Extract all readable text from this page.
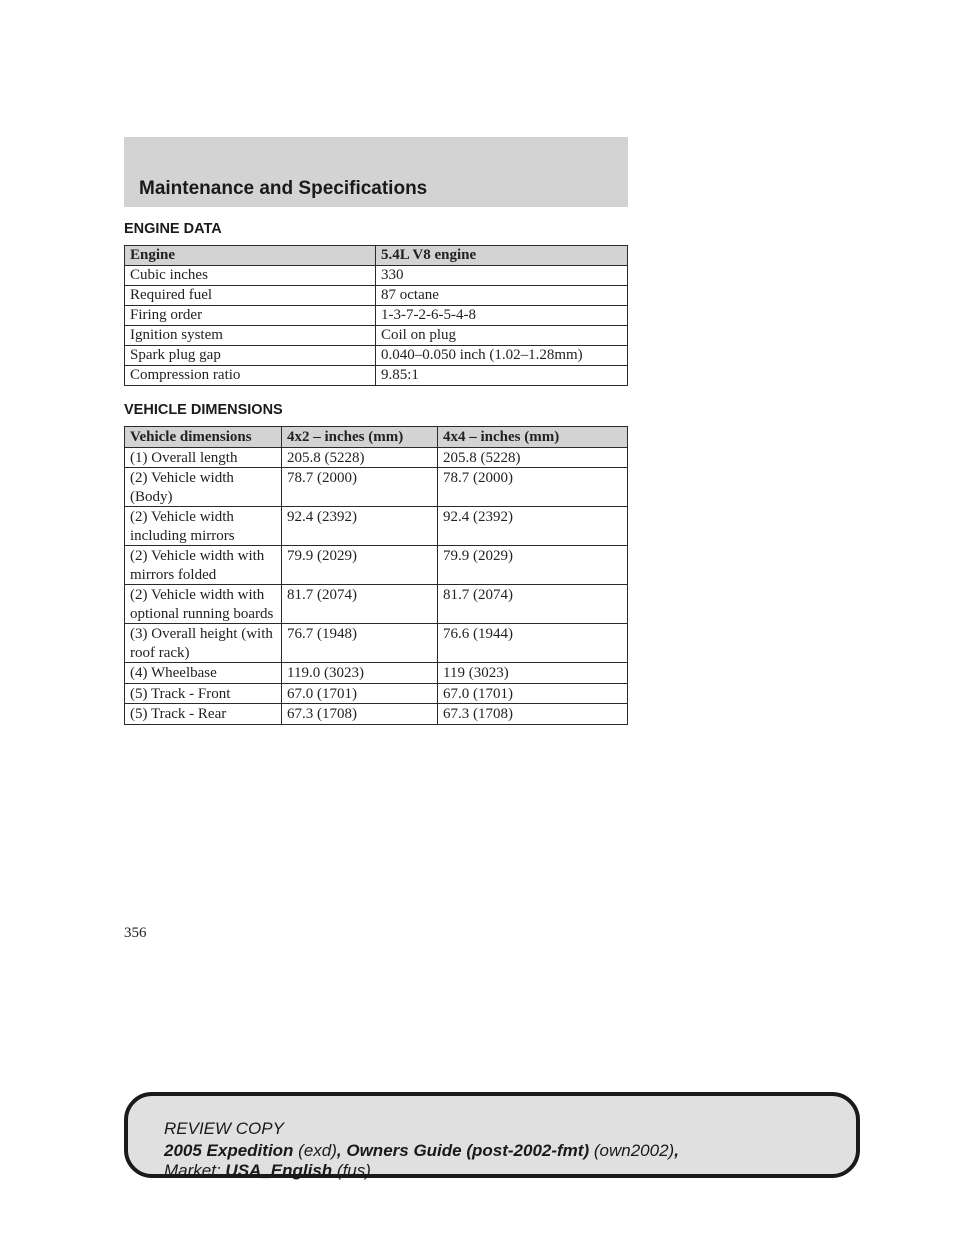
Maintenance and Specifications
ENGINE DATA
Engine	5.4L V8 engine
Cubic inches	330
Required fuel	87 octane
Firing order	1-3-7-2-6-5-4-8
Ignition system	Coil on plug
Spark plug gap	0.040–0.050 inch (1.02–1.28mm)
Compression ratio	9.85:1
VEHICLE DIMENSIONS
Vehicle dimensions	4x2 – inches (mm)	4x4 – inches (mm)
(1) Overall length	205.8 (5228)	205.8 (5228)
(2) Vehicle width (Body)	78.7 (2000)	78.7 (2000)
(2) Vehicle width including mirrors	92.4 (2392)	92.4 (2392)
(2) Vehicle width with mirrors folded	79.9 (2029)	79.9 (2029)
(2) Vehicle width with optional running boards	81.7 (2074)	81.7 (2074)
(3) Overall height (with roof rack)	76.7 (1948)	76.6 (1944)
(4) Wheelbase	119.0 (3023)	119 (3023)
(5) Track - Front	67.0 (1701)	67.0 (1701)
(5) Track - Rear	67.3 (1708)	67.3 (1708)
356
REVIEW COPY
2005 Expedition (exd), Owners Guide (post-2002-fmt) (own2002),
Market: USA_English (fus)
